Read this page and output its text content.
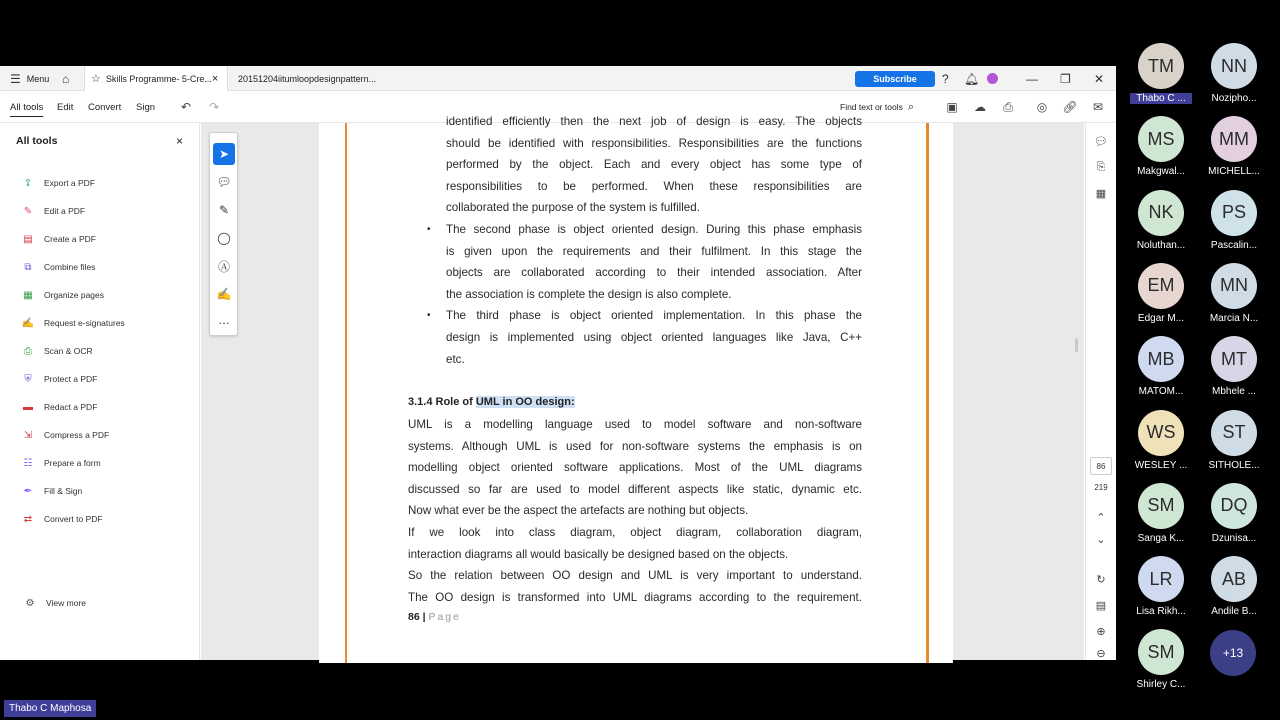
☰ Menu ⌂ ☆ Skills Programme- 5-Cre... × 20151204iitumloopdesignpattern...	Subscribe	? 🔔︎	— ❐ ✕
All tools Edit Convert Sign ↶ ↷	Find text or tools ⌕	▣ ☁ ⎙ ◎ 🔗︎ ✉
All tools	×
⇪ Export a PDF
✎ Edit a PDF
▤ Create a PDF
⧉ Combine files
▦ Organize pages
✍ Request e-signatures
⎙ Scan & OCR
⛨ Protect a PDF
▬ Redact a PDF
⇲ Compress a PDF
☷ Prepare a form
✒ Fill & Sign
⇄ Convert to PDF
⚙ View more
identified efficiently then the next job of design is easy. The objects
should be identified with responsibilities. Responsibilities are the functions
performed by the object. Each and every object has some type of
responsibilities to be performed. When these responsibilities are
collaborated the purpose of the system is fulfilled.
The second phase is object oriented design. During this phase emphasis
is given upon the requirements and their fulfilment. In this stage the
objects are collaborated according to their intended association. After
the association is complete the design is also complete.
The third phase is object oriented implementation. In this phase the
design is implemented using object oriented languages like Java, C++
etc.
•
•
3.1.4 Role of UML in OO design:
UML is a modelling language used to model software and non-software
systems. Although UML is used for non-software systems the emphasis is on
modelling object oriented software applications. Most of the UML diagrams
discussed so far are used to model different aspects like static, dynamic etc.
Now what ever be the aspect the artefacts are nothing but objects.
If we look into class diagram, object diagram, collaboration diagram,
interaction diagrams all would basically be designed based on the objects.
So the relation between OO design and UML is very important to understand.
The OO design is transformed into UML diagrams according to the requirement.
86 | Page
➤
💬︎
✎
◯
Ⓐ
✍
…
💬︎
⎘
▦
86
219
⌃
⌄
↻
▤
⊕
⊖
TM
Thabo C ...
NN
Nozipho...
MS
Makgwal...
MM
MICHELL...
NK
Noluthan...
PS
Pascalin...
EM
Edgar M...
MN
Marcia N...
MB
MATOM...
MT
Mbhele ...
WS
WESLEY ...
ST
SITHOLE...
SM
Sanga K...
DQ
Dzunisa...
LR
Lisa Rikh...
AB
Andile B...
SM
Shirley C...
+13
Thabo C Maphosa
